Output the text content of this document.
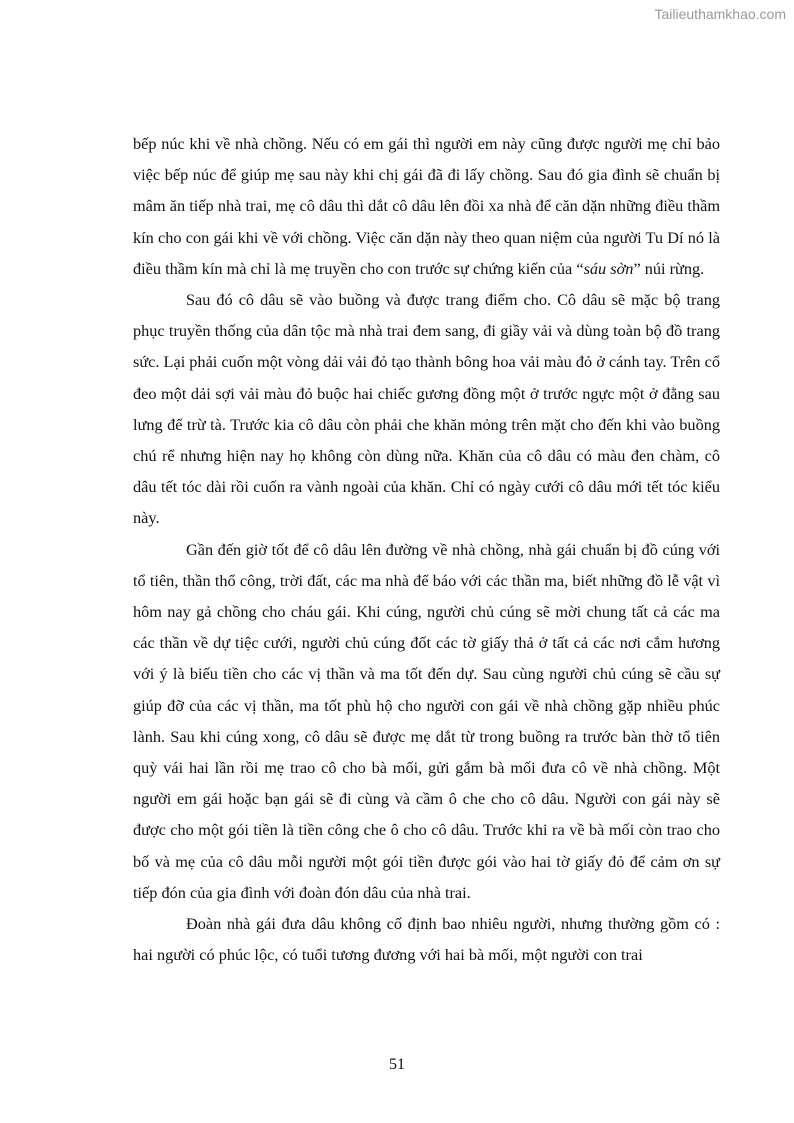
Tailieuthamkhao.com

bếp núc khi về nhà chồng. Nếu có em gái thì người em này cũng được người mẹ chỉ bảo việc bếp núc để giúp mẹ sau này khi chị gái đã đi lấy chồng. Sau đó gia đình sẽ chuẩn bị mâm ăn tiếp nhà trai, mẹ cô dâu thì dắt cô dâu lên đồi xa nhà để căn dặn những điều thầm kín cho con gái khi về với chồng. Việc căn dặn này theo quan niệm của người Tu Dí nó là điều thầm kín mà chỉ là mẹ truyền cho con trước sự chứng kiến của “sáu sờn” núi rừng.

Sau đó cô dâu sẽ vào buồng và được trang điểm cho. Cô dâu sẽ mặc bộ trang phục truyền thống của dân tộc mà nhà trai đem sang, đi giầy vải và dùng toàn bộ đồ trang sức. Lại phải cuốn một vòng dải vải đỏ tạo thành bông hoa vải màu đỏ ở cánh tay. Trên cổ đeo một dải sợi vải màu đỏ buộc hai chiếc gương đồng một ở trước ngực một ở đằng sau lưng để trừ tà. Trước kia cô dâu còn phải che khăn mỏng trên mặt cho đến khi vào buồng chú rể nhưng hiện nay họ không còn dùng nữa. Khăn của cô dâu có màu đen chàm, cô dâu tết tóc dài rồi cuốn ra vành ngoài của khăn. Chỉ có ngày cưới cô dâu mới tết tóc kiểu này.

Gần đến giờ tốt để cô dâu lên đường về nhà chồng, nhà gái chuẩn bị đồ cúng với tổ tiên, thần thổ công, trời đất, các ma nhà để báo với các thần ma, biết những đồ lễ vật vì hôm nay gả chồng cho cháu gái. Khi cúng, người chủ cúng sẽ mời chung tất cả các ma các thần về dự tiệc cưới, người chủ cúng đốt các tờ giấy thả ở tất cả các nơi cắm hương với ý là biếu tiền cho các vị thần và ma tốt đến dự. Sau cùng người chủ cúng sẽ cầu sự giúp đỡ của các vị thần, ma tốt phù hộ cho người con gái về nhà chồng gặp nhiều phúc lành. Sau khi cúng xong, cô dâu sẽ được mẹ dắt từ trong buồng ra trước bàn thờ tổ tiên quỳ vái hai lần rồi mẹ trao cô cho bà mối, gửi gắm bà mối đưa cô về nhà chồng. Một người em gái hoặc bạn gái sẽ đi cùng và cầm ô che cho cô dâu. Người con gái này sẽ được cho một gói tiền là tiền công che ô cho cô dâu. Trước khi ra về bà mối còn trao cho bố và mẹ của cô dâu mỗi người một gói tiền được gói vào hai tờ giấy đỏ để cảm ơn sự tiếp đón của gia đình với đoàn đón dâu của nhà trai.

Đoàn nhà gái đưa dâu không cố định bao nhiêu người, nhưng thường gồm có : hai người có phúc lộc, có tuổi tương đương với hai bà mối, một người con trai

51
